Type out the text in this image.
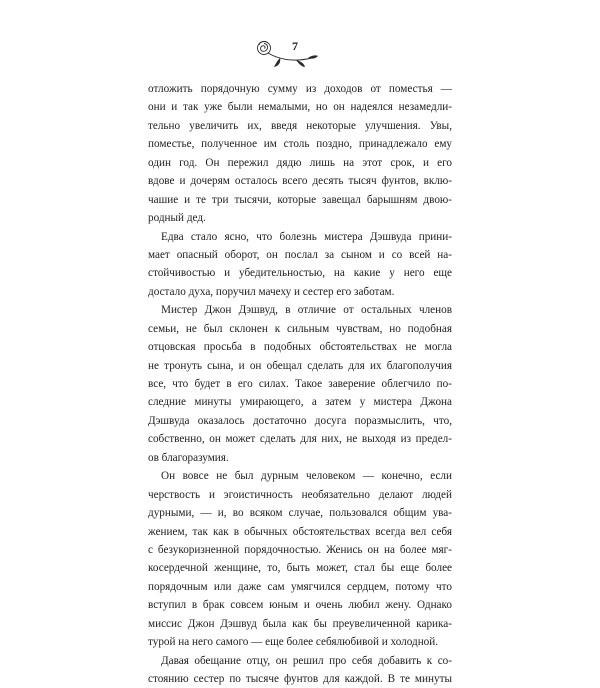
7

отложить порядочную сумму из доходов от поместья —
они и так уже были немалыми, но он надеялся незамедли-
тельно увеличить их, введя некоторые улучшения. Увы,
поместье, полученное им столь поздно, принадлежало ему
один год. Он пережил дядю лишь на этот срок, и его
вдове и дочерям осталось всего десять тысяч фунтов, вклю-
чашие и те три тысячи, которые завещал барышням двою-
родный дед.

Едва стало ясно, что болезнь мистера Дэшвуда прини-
мает опасный оборот, он послал за сыном и со всей на-
стойчивостью и убедительностью, на какие у него еще
достало духа, поручил мачеху и сестер его заботам.

Мистер Джон Дэшвуд, в отличие от остальных членов
семьи, не был склонен к сильным чувствам, но подобная
отцовская просьба в подобных обстоятельствах не могла
не тронуть сына, и он обещал сделать для их благополучия
все, что будет в его силах. Такое заверение облегчило по-
следние минуты умирающего, а затем у мистера Джона
Дэшвуда оказалось достаточно досуга поразмыслить, что,
собственно, он может сделать для них, не выходя из предел-
ов благоразумия.

Он вовсе не был дурным человеком — конечно, если
черствость и эгоистичность необязательно делают людей
дурными, — и, во всяком случае, пользовался общим ува-
жением, так как в обычных обстоятельствах всегда вел себя
с безукоризненной порядочностью. Женись он на более мяг-
косердечной женщине, то, быть может, стал бы еще более
порядочным или даже сам умягчился сердцем, потому что
вступил в брак совсем юным и очень любил жену. Однако
миссис Джон Дэшвуд была как бы преувеличенной карика-
турой на него самого — еще более себялюбивой и холодной.

Давая обещание отцу, он решил про себя добавить к со-
стоянию сестер по тысяче фунтов для каждой. В те минуты
